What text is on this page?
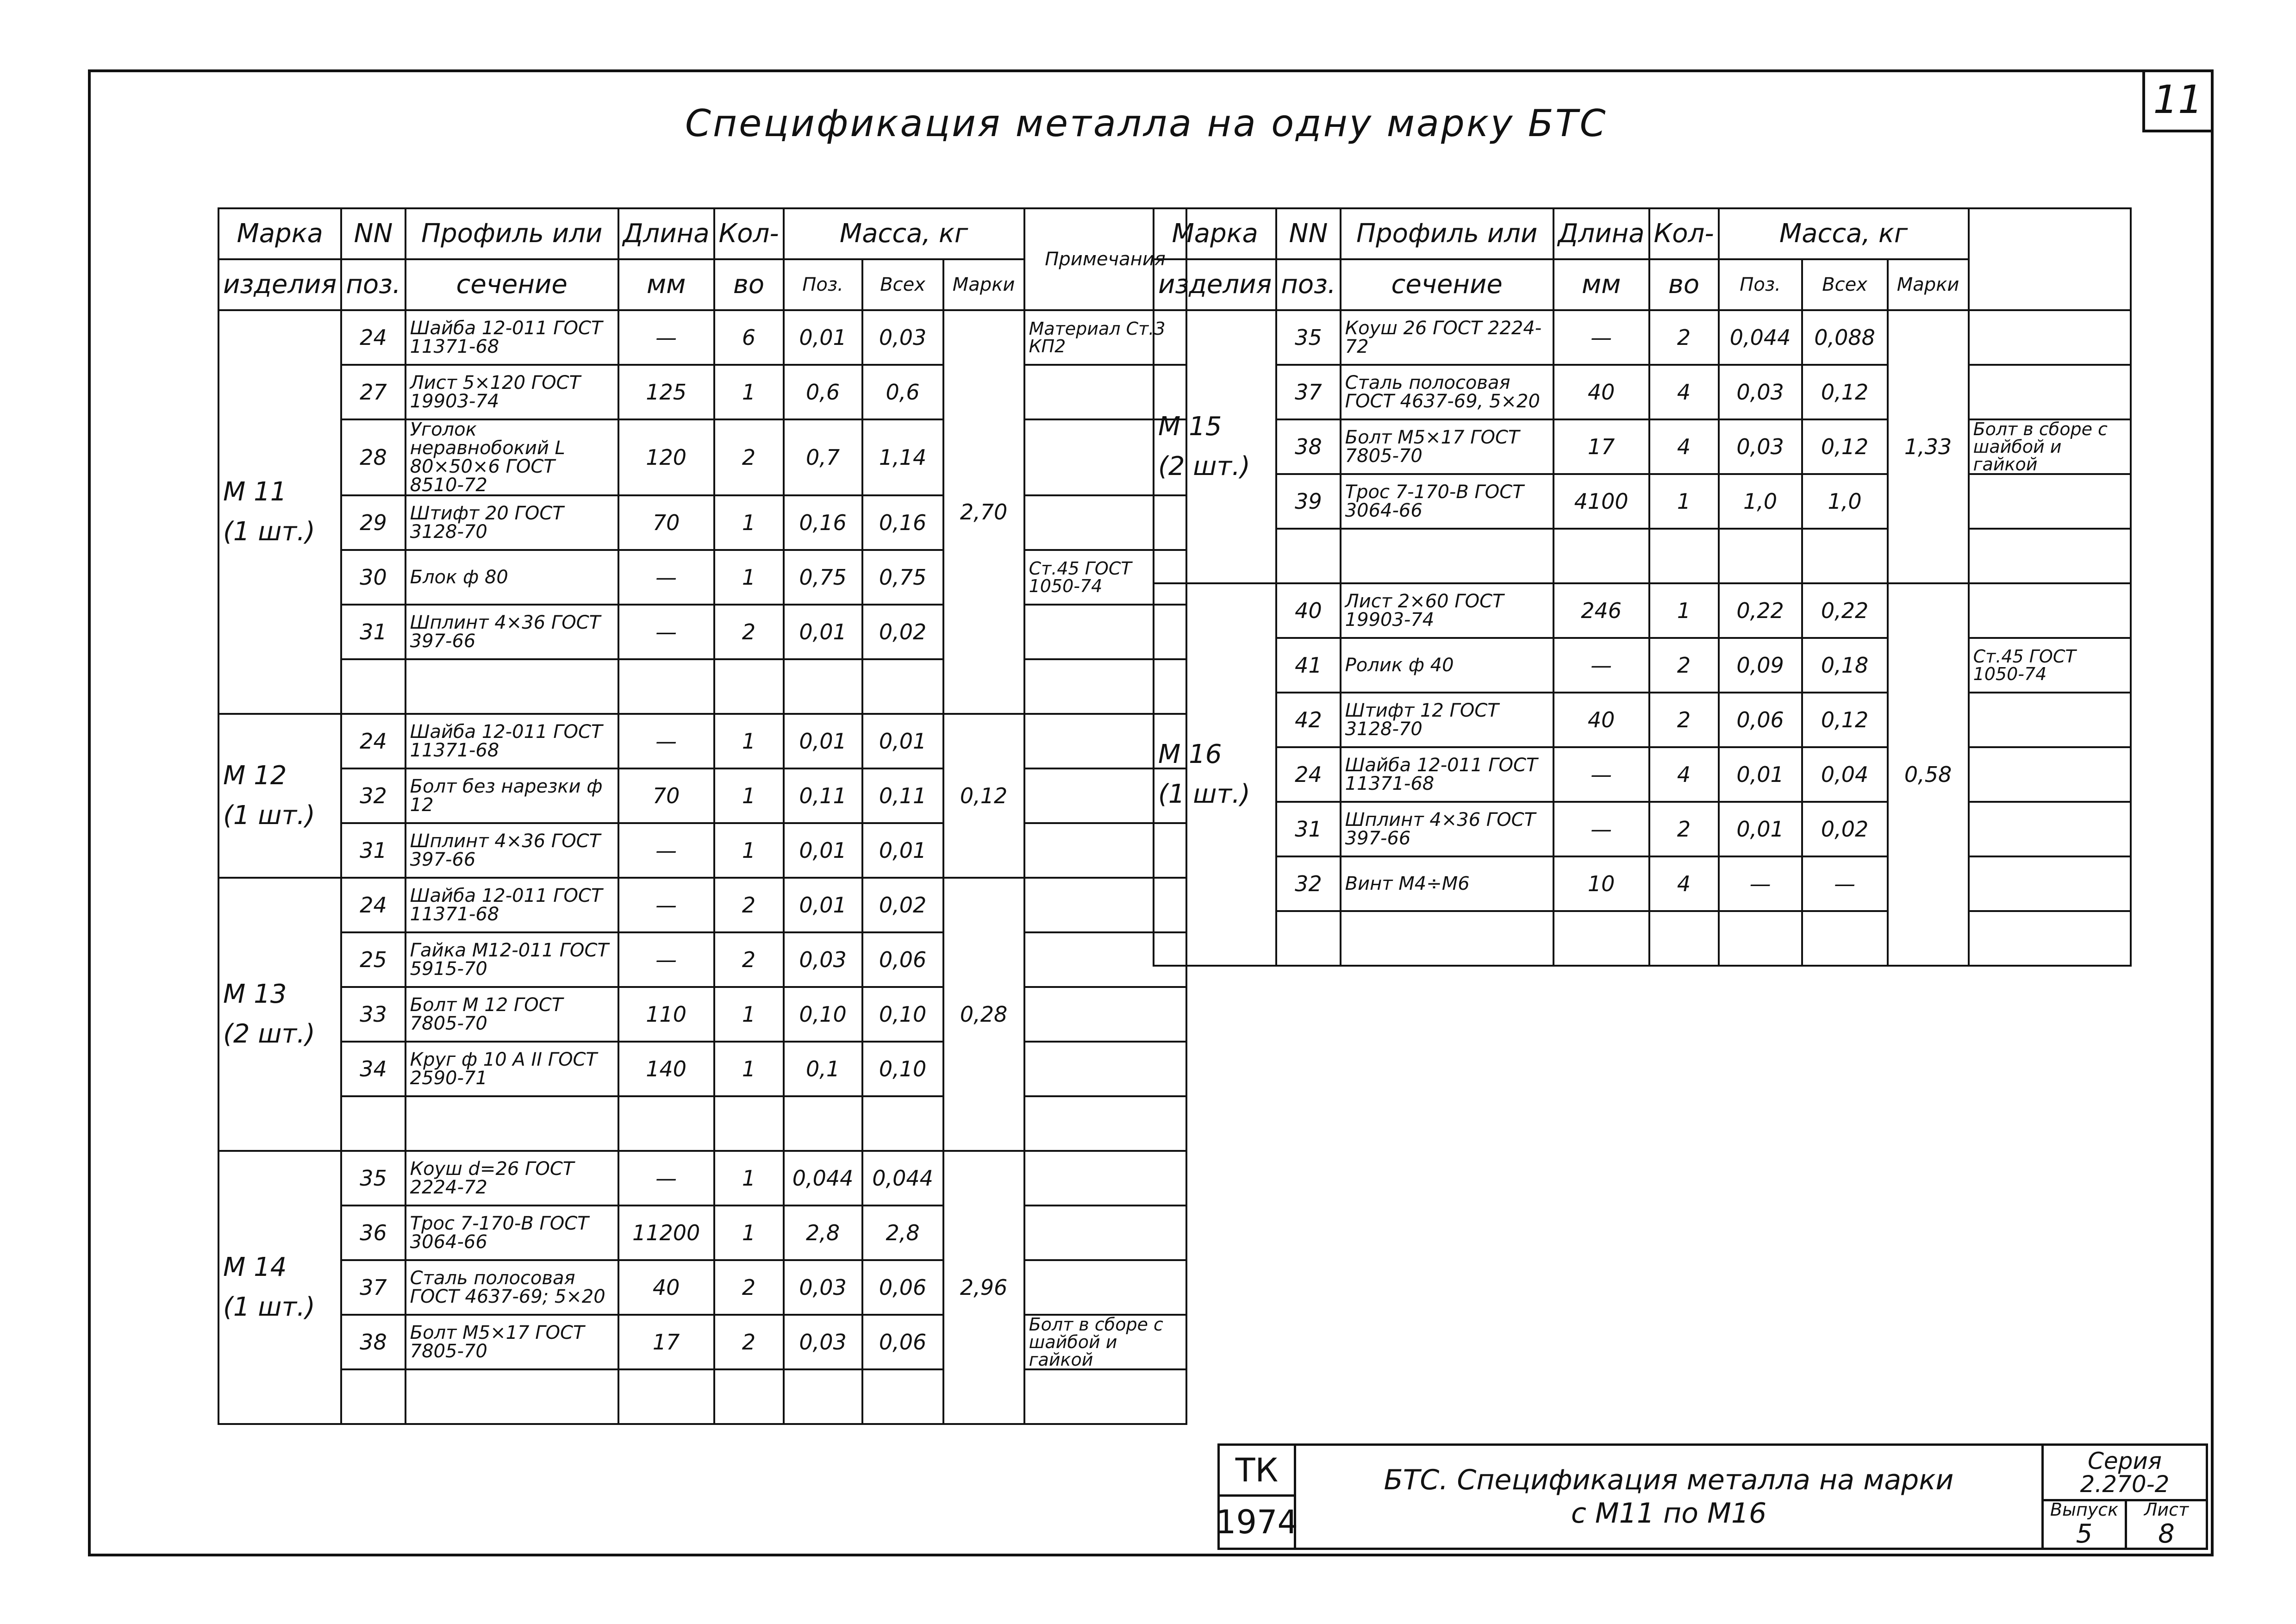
11
Спецификация металла на одну марку БТС
Марка	NN	Профиль или	Длина	Кол-	Масса, кг			Примечания
изделия	поз.	сечение	мм	во	Поз.	Всех	Марки	

М 11
(1 шт.)	24	Шайба 12-011 ГОСТ 11371-68	—	6	0,01	0,03	2,70	Материал Ст.3 КП2
	27	Лист 5×120 ГОСТ 19903-74	125	1	0,6	0,6		
	28	Уголок неравнобокий L 80×50×6 ГОСТ 8510-72	120	2	0,7	1,14		
	29	Штифт 20 ГОСТ 3128-70	70	1	0,16	0,16		
	30	Блок ф 80	—	1	0,75	0,75		Ст.45 ГОСТ 1050-74
	31	Шплинт 4×36 ГОСТ 397-66	—	2	0,01	0,02		

М 12
(1 шт.)	24	Шайба 12-011 ГОСТ 11371-68	—	1	0,01	0,01	0,12	
	32	Болт без нарезки ф 12	70	1	0,11	0,11		
	31	Шплинт 4×36 ГОСТ 397-66	—	1	0,01	0,01		

М 13
(2 шт.)	24	Шайба 12-011 ГОСТ 11371-68	—	2	0,01	0,02	0,28	
	25	Гайка М12-011 ГОСТ 5915-70	—	2	0,03	0,06		
	33	Болт М 12 ГОСТ 7805-70	110	1	0,10	0,10		
	34	Круг ф 10 А II ГОСТ 2590-71	140	1	0,1	0,10		

М 14
(1 шт.)	35	Коуш d=26 ГОСТ 2224-72	—	1	0,044	0,044	2,96	
	36	Трос 7-170-В ГОСТ 3064-66	11200	1	2,8	2,8		
	37	Сталь полосовая ГОСТ 4637-69; 5×20	40	2	0,03	0,06		
	38	Болт М5×17 ГОСТ 7805-70	17	2	0,03	0,06		Болт в сборе с шайбой и гайкой

Марка	NN	Профиль или	Длина	Кол-	Масса, кг			
изделия	поз.	сечение	мм	во	Поз.	Всех	Марки	

М 15
(2 шт.)	35	Коуш 26 ГОСТ 2224-72	—	2	0,044	0,088	1,33	
	37	Сталь полосовая ГОСТ 4637-69, 5×20	40	4	0,03	0,12		
	38	Болт М5×17 ГОСТ 7805-70	17	4	0,03	0,12		Болт в сборе с шайбой и гайкой
	39	Трос 7-170-В ГОСТ 3064-66	4100	1	1,0	1,0		

М 16
(1 шт.)	40	Лист 2×60 ГОСТ 19903-74	246	1	0,22	0,22	0,58	
	41	Ролик ф 40	—	2	0,09	0,18		Ст.45 ГОСТ 1050-74
	42	Штифт 12 ГОСТ 3128-70	40	2	0,06	0,12		
	24	Шайба 12-011 ГОСТ 11371-68	—	4	0,01	0,04		
	31	Шплинт 4×36 ГОСТ 397-66	—	2	0,01	0,02		
	32	Винт М4÷М6	10	4	—	—		

ТК
1974
БТС. Спецификация металла на марки
с М11 по М16
Серия
2.270-2
Выпуск
5
Лист
8
